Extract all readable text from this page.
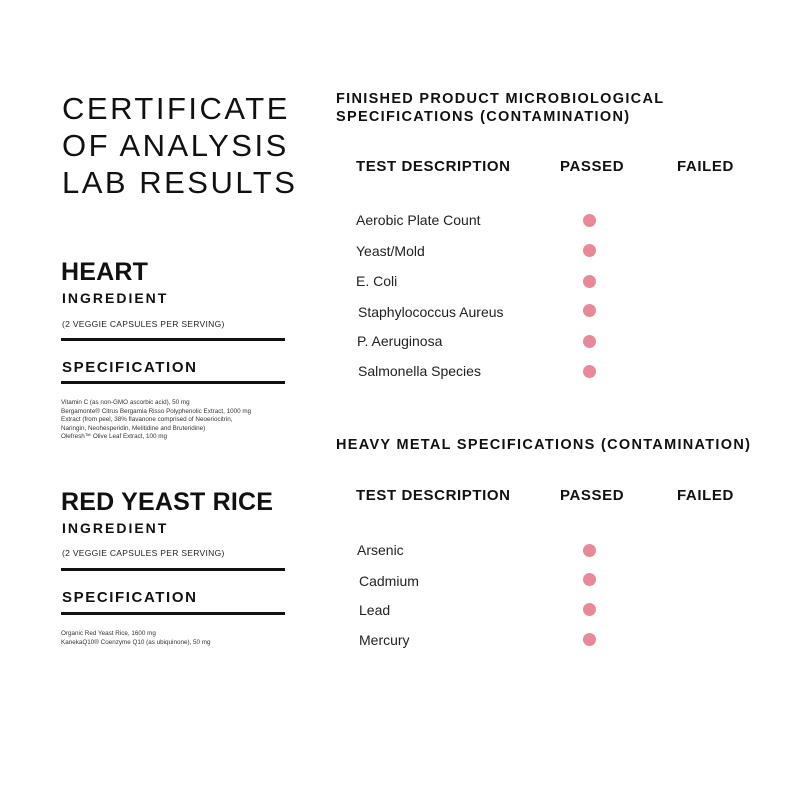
CERTIFICATE
OF ANALYSIS
LAB RESULTS
HEART
INGREDIENT
(2 VEGGIE CAPSULES PER SERVING)
SPECIFICATION
Vitamin C (as non-GMO ascorbic acid), 50 mg
Bergamonte® Citrus Bergamia Risso Polyphenolic Extract, 1000 mg
Extract (from peel, 38% flavanone comprised of Neoeriocitrin,
Naringin, Neohesperidin, Melitidine and Bruteridine)
Olefresh™ Olive Leaf Extract, 100 mg
RED YEAST RICE
INGREDIENT
(2 VEGGIE CAPSULES PER SERVING)
SPECIFICATION
Organic Red Yeast Rice, 1600 mg
KanekaQ10® Coenzyme Q10 (as ubiquinone), 50 mg
FINISHED PRODUCT MICROBIOLOGICAL
SPECIFICATIONS (CONTAMINATION)
TEST DESCRIPTION	PASSED	FAILED
Aerobic Plate Count
Yeast/Mold
E. Coli
Staphylococcus Aureus
P. Aeruginosa
Salmonella Species
HEAVY METAL SPECIFICATIONS (CONTAMINATION)
TEST DESCRIPTION	PASSED	FAILED
Arsenic
Cadmium
Lead
Mercury
